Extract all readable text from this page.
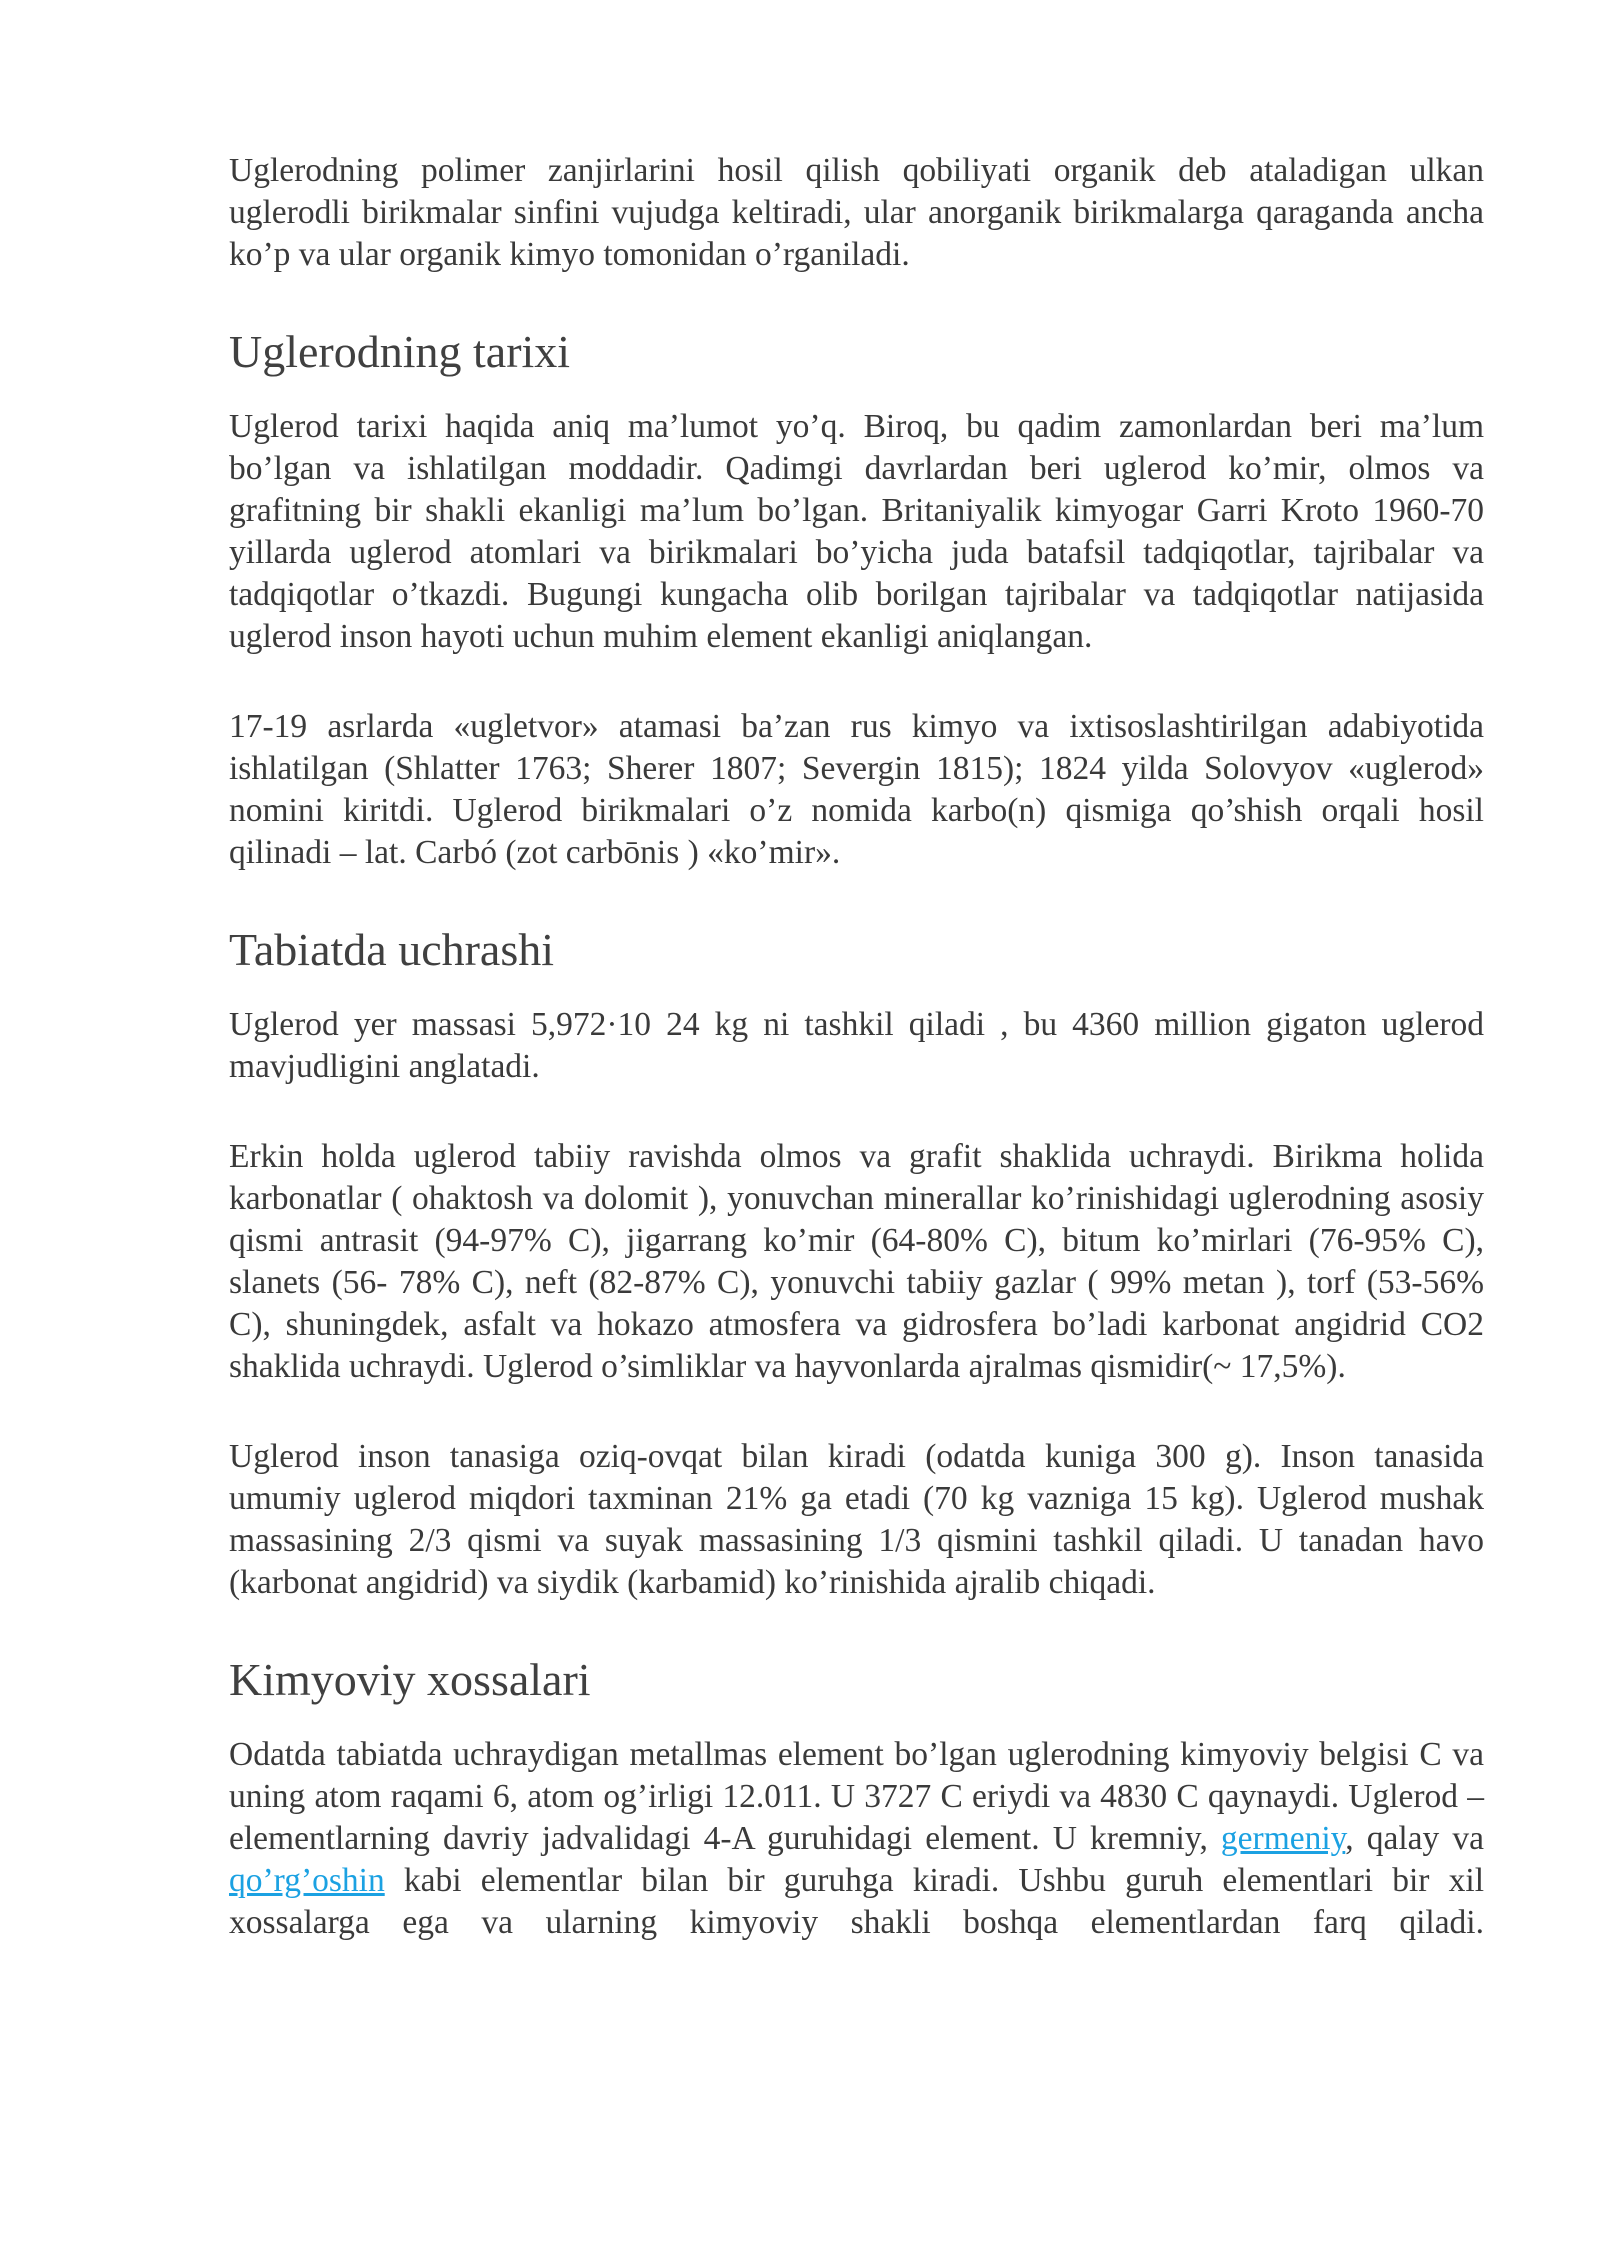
Uglerodning polimer zanjirlarini hosil qilish qobiliyati organik deb ataladigan ulkan uglerodli birikmalar sinfini vujudga keltiradi, ular anorganik birikmalarga qaraganda ancha ko’p va ular organik kimyo tomonidan o’rganiladi.

Uglerodning tarixi

Uglerod tarixi haqida aniq ma’lumot yo’q. Biroq, bu qadim zamonlardan beri ma’lum bo’lgan va ishlatilgan moddadir. Qadimgi davrlardan beri uglerod ko’mir, olmos va grafitning bir shakli ekanligi ma’lum bo’lgan. Britaniyalik kimyogar Garri Kroto 1960-70 yillarda uglerod atomlari va birikmalari bo’yicha juda batafsil tadqiqotlar, tajribalar va tadqiqotlar o’tkazdi. Bugungi kungacha olib borilgan tajribalar va tadqiqotlar natijasida uglerod inson hayoti uchun muhim element ekanligi aniqlangan.

17-19 asrlarda «ugletvor» atamasi ba’zan rus kimyo va ixtisoslashtirilgan adabiyotida ishlatilgan (Shlatter 1763; Sherer 1807; Severgin 1815); 1824 yilda Solovyov «uglerod» nomini kiritdi. Uglerod birikmalari o’z nomida karbo(n) qismiga qo’shish orqali hosil qilinadi – lat. Carbó (zot carbōnis ) «ko’mir».

Tabiatda uchrashi

Uglerod yer massasi 5,972·10 24 kg ni tashkil qiladi , bu 4360 million gigaton uglerod mavjudligini anglatadi.

Erkin holda uglerod tabiiy ravishda olmos va grafit shaklida uchraydi. Birikma holida karbonatlar ( ohaktosh va dolomit ), yonuvchan minerallar ko’rinishidagi uglerodning asosiy qismi antrasit (94-97% C), jigarrang ko’mir (64-80% C), bitum ko’mirlari (76-95% C), slanets (56- 78% C), neft (82-87% C), yonuvchi tabiiy gazlar ( 99% metan ), torf (53-56% C), shuningdek, asfalt va hokazo atmosfera va gidrosfera bo’ladi karbonat angidrid CO2 shaklida uchraydi. Uglerod o’simliklar va hayvonlarda ajralmas qismidir(~ 17,5%).

Uglerod inson tanasiga oziq-ovqat bilan kiradi (odatda kuniga 300 g). Inson tanasida umumiy uglerod miqdori taxminan 21% ga etadi (70 kg vazniga 15 kg). Uglerod mushak massasining 2/3 qismi va suyak massasining 1/3 qismini tashkil qiladi. U tanadan havo (karbonat angidrid) va siydik (karbamid) ko’rinishida ajralib chiqadi.

Kimyoviy xossalari

Odatda tabiatda uchraydigan metallmas element bo’lgan uglerodning kimyoviy belgisi C va uning atom raqami 6, atom og’irligi 12.011. U 3727 C eriydi va 4830 C qaynaydi. Uglerod – elementlarning davriy jadvalidagi 4-A guruhidagi element. U kremniy, germeniy, qalay va qo’rg’oshin kabi elementlar bilan bir guruhga kiradi. Ushbu guruh elementlari bir xil xossalarga ega va ularning kimyoviy shakli boshqa elementlardan farq qiladi.
